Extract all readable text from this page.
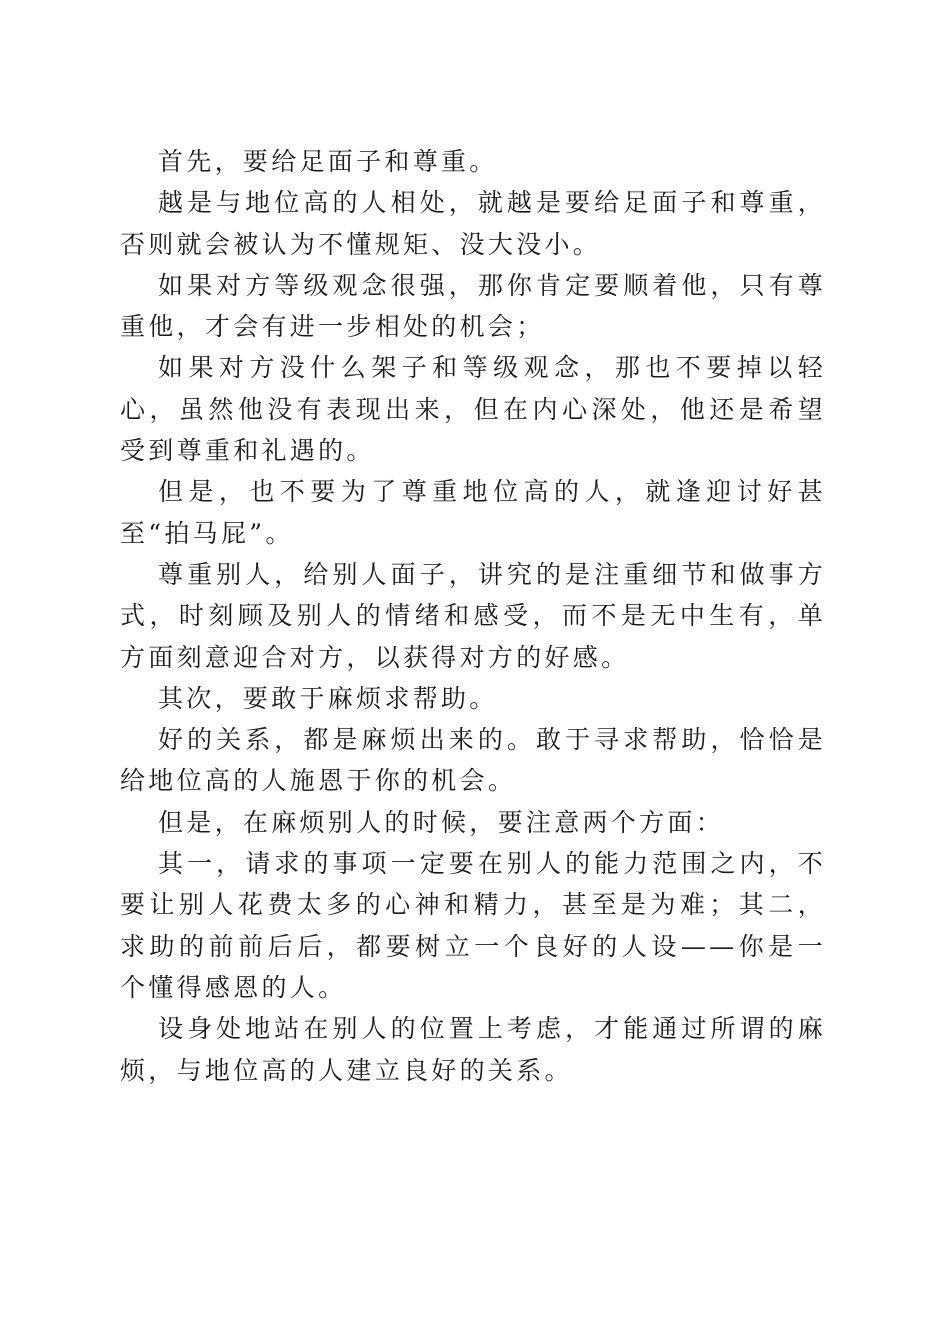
首先，要给足面子和尊重。

越是与地位高的人相处，就越是要给足面子和尊重，否则就会被认为不懂规矩、没大没小。

如果对方等级观念很强，那你肯定要顺着他，只有尊重他，才会有进一步相处的机会；

如果对方没什么架子和等级观念，那也不要掉以轻心，虽然他没有表现出来，但在内心深处，他还是希望受到尊重和礼遇的。

但是，也不要为了尊重地位高的人，就逢迎讨好甚至“拍马屁”。

尊重别人，给别人面子，讲究的是注重细节和做事方式，时刻顾及别人的情绪和感受，而不是无中生有，单方面刻意迎合对方，以获得对方的好感。

其次，要敢于麻烦求帮助。

好的关系，都是麻烦出来的。敢于寻求帮助，恰恰是给地位高的人施恩于你的机会。

但是，在麻烦别人的时候，要注意两个方面：

其一，请求的事项一定要在别人的能力范围之内，不要让别人花费太多的心神和精力，甚至是为难；其二，求助的前前后后，都要树立一个良好的人设——你是一个懂得感恩的人。

设身处地站在别人的位置上考虑，才能通过所谓的麻烦，与地位高的人建立良好的关系。
